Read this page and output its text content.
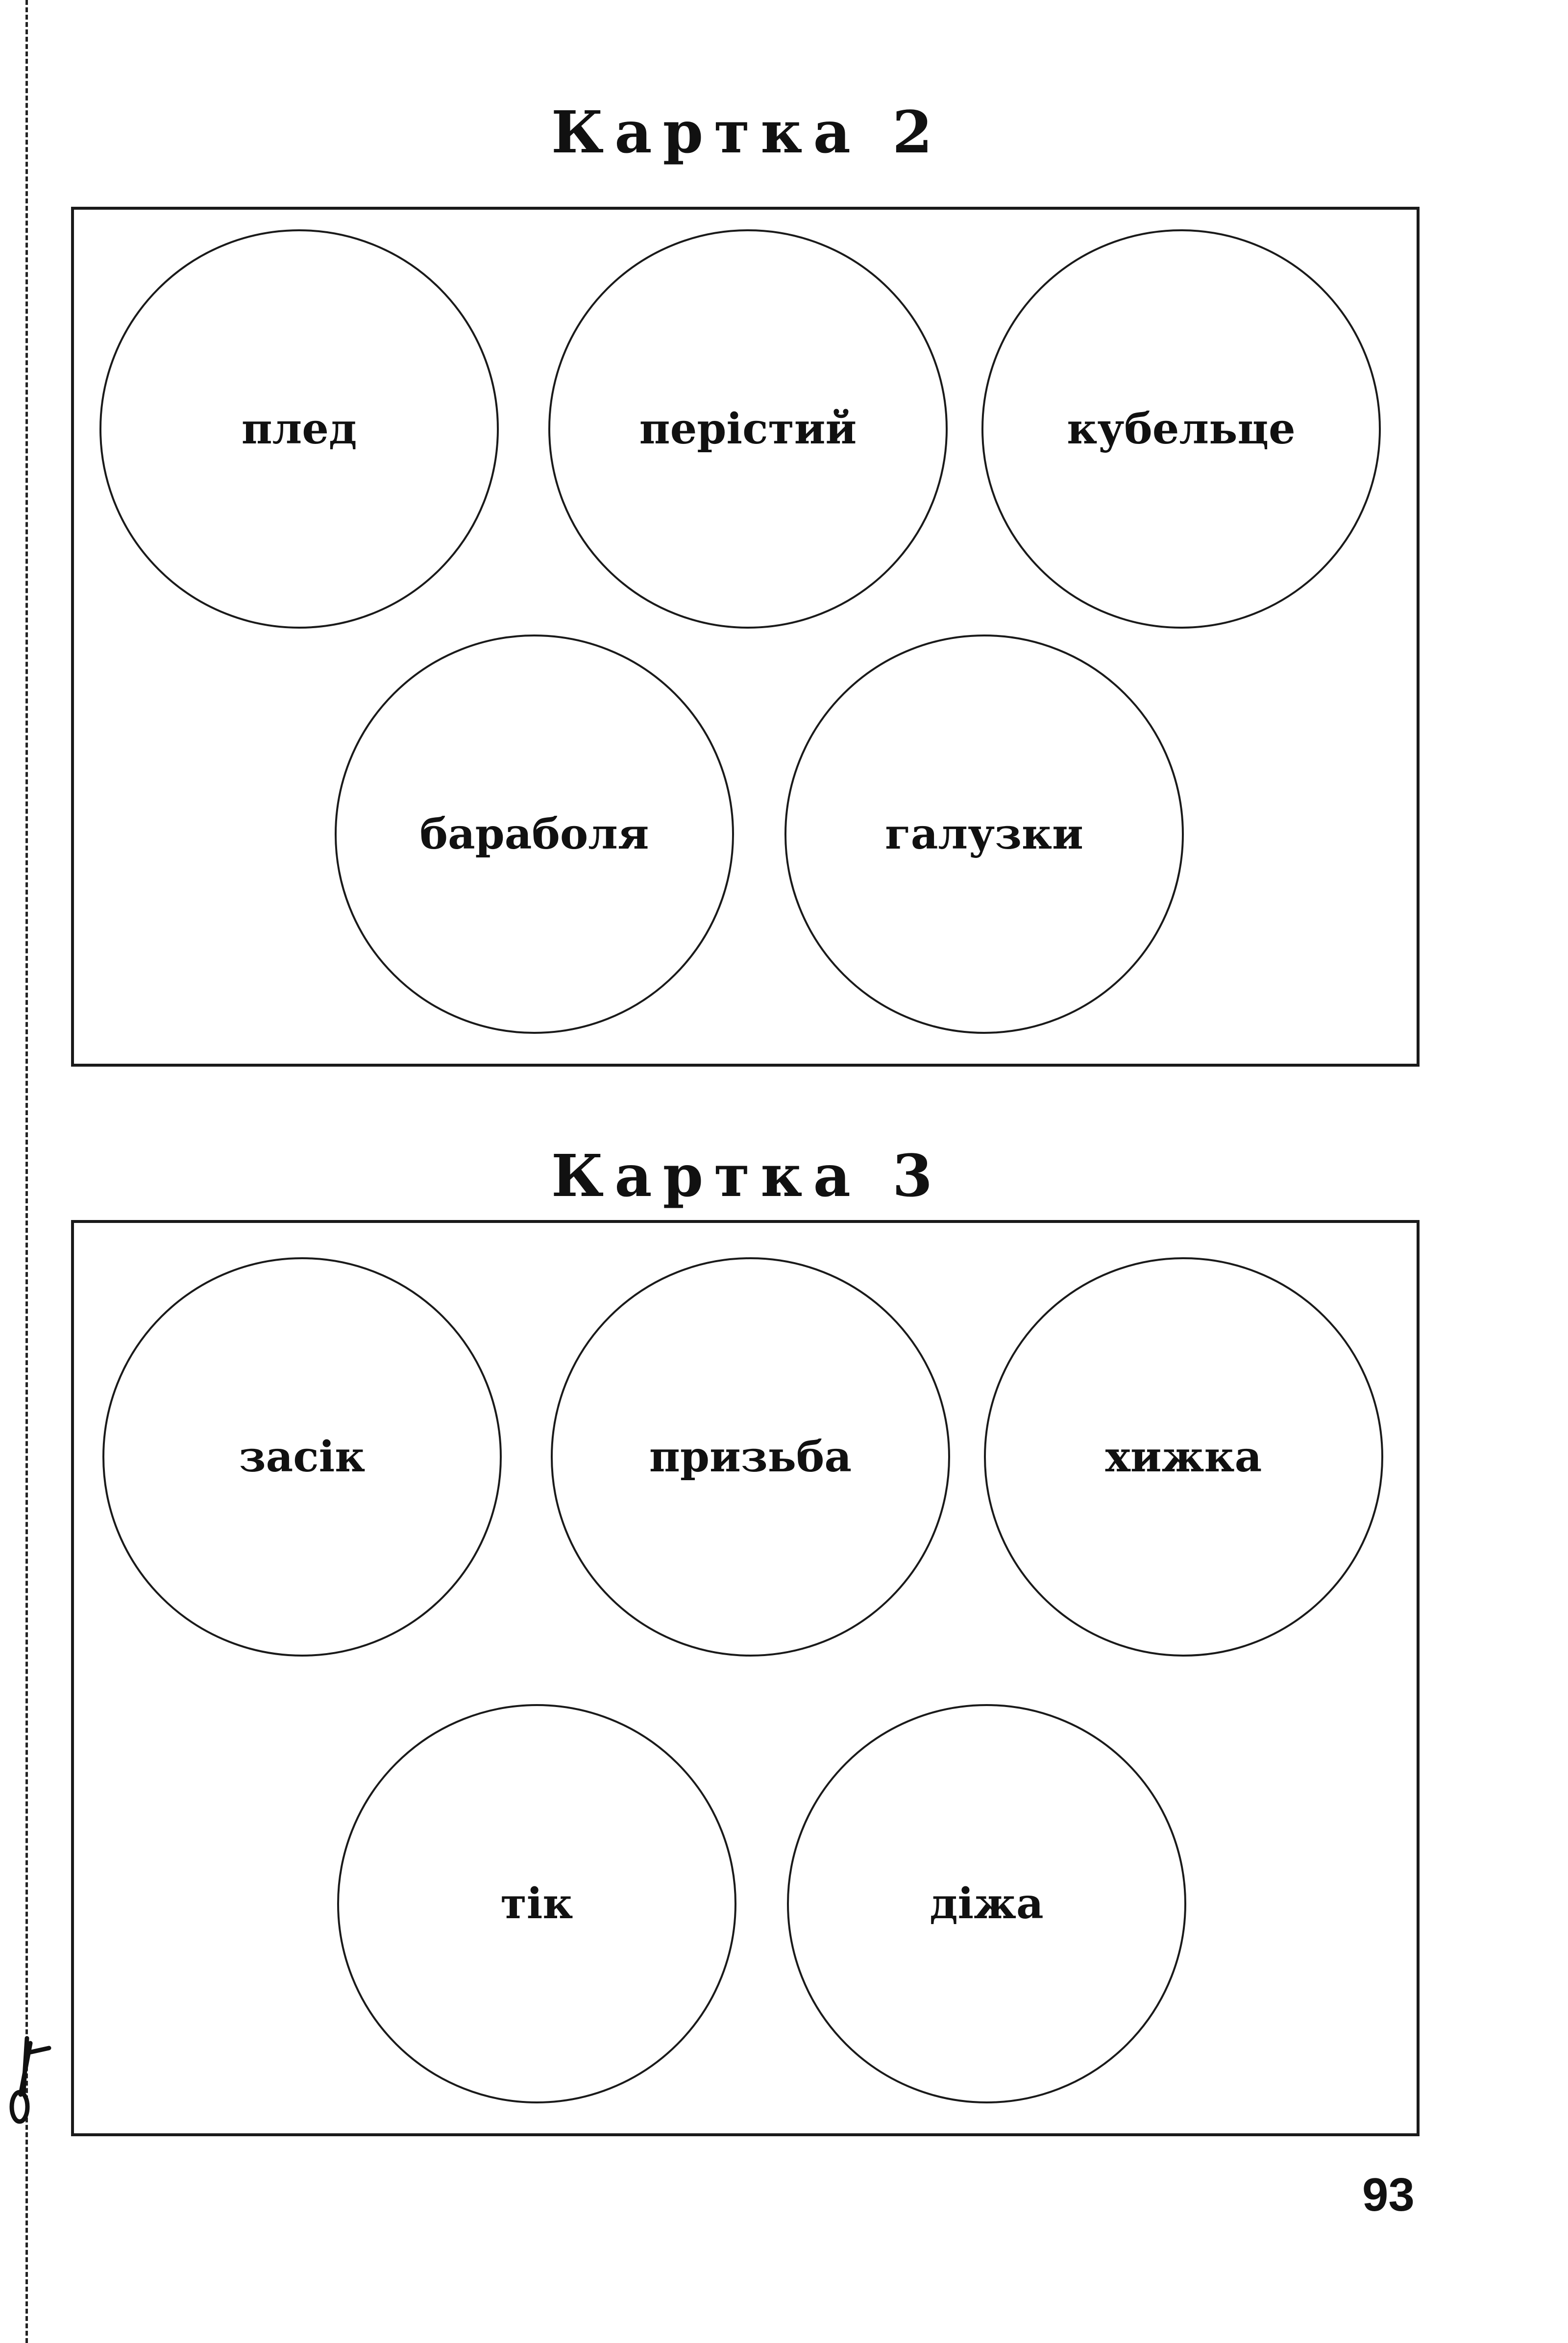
Картка 2
плед	перістий	кубельце
бараболя	галузки
Картка 3
засік	призьба	хижка
тік	діжа
93
